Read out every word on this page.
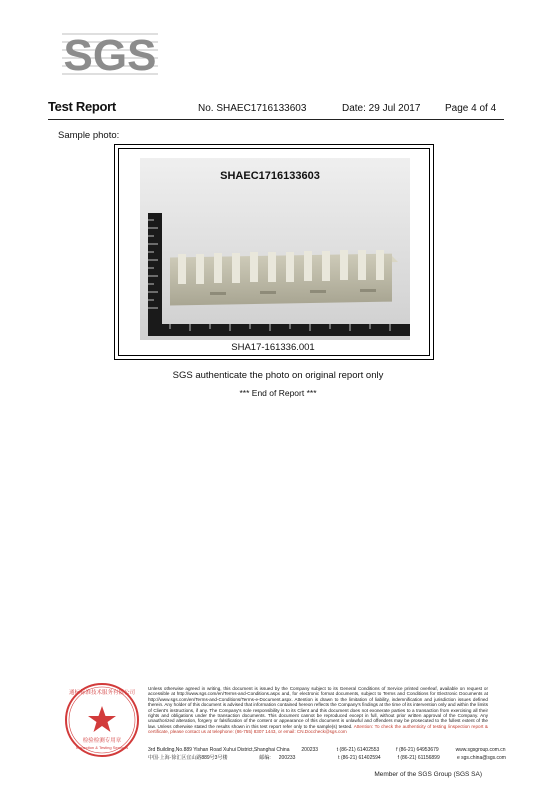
SGS
Test Report	No. SHAEC1716133603	Date: 29 Jul 2017 Page 4 of 4
Sample photo:
SHAEC1716133603
SHA17-161336.001
SGS authenticate the photo on original report only
*** End of Report ***
通标标准技术服务有限公司
检验检测专用章
Inspection & Testing Services
Unless otherwise agreed in writing, this document is issued by the Company subject to its General Conditions of Service printed overleaf, available on request or accessible at http://www.sgs.com/en/Terms-and-Conditions.aspx and, for electronic format documents, subject to Terms and Conditions for Electronic Documents at http://www.sgs.com/en/Terms-and-Conditions/Terms-e-Document.aspx. Attention is drawn to the limitation of liability, indemnification and jurisdiction issues defined therein. Any holder of this document is advised that information contained hereon reflects the Company's findings at the time of its intervention only and within the limits of Client's instructions, if any. The Company's sole responsibility is to its Client and this document does not exonerate parties to a transaction from exercising all their rights and obligations under the transaction documents. This document cannot be reproduced except in full, without prior written approval of the Company. Any unauthorized alteration, forgery or falsification of the content or appearance of this document is unlawful and offenders may be prosecuted to the fullest extent of the law. Unless otherwise stated the results shown in this test report refer only to the sample(s) tested. Attention: To check the authenticity of testing /inspection report & certificate, please contact us at telephone: (86-755) 8307 1443, or email: CN.Doccheck@sgs.com
3rd Building,No.889 Yishan Road Xuhui District,Shanghai China 200233	t (86-21) 61402553	f (86-21) 64953679	www.sgsgroup.com.cn
中国·上海·徐汇区宜山路889号3号楼	邮编: 200233	t (86-21) 61402594	f (86-21) 61156899	e sgs.china@sgs.com
Member of the SGS Group (SGS SA)
